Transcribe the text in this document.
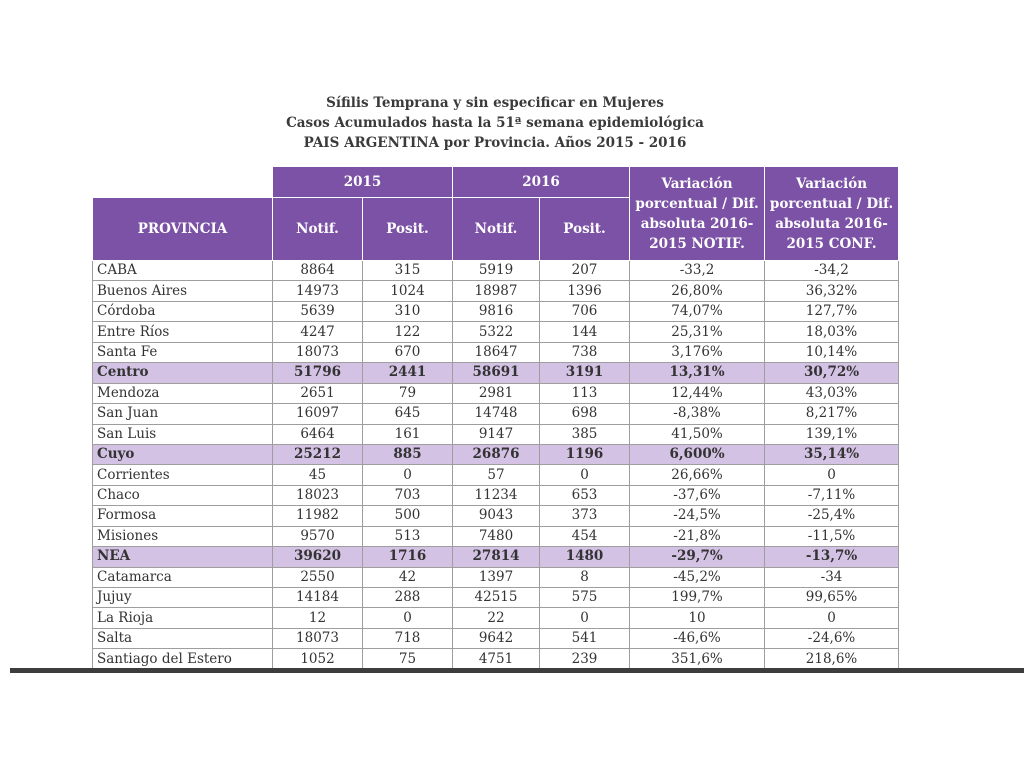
Sífilis Temprana y sin especificar en Mujeres
Casos Acumulados hasta la 51ª semana epidemiológica
PAIS ARGENTINA por Provincia. Años 2015 - 2016
	2015		2016		Variación porcentual / Dif. absoluta 2016-2015 NOTIF.	Variación porcentual / Dif. absoluta 2016-2015 CONF.
PROVINCIA	Notif.	Posit.	Notif.	Posit.		
CABA	8864	315	5919	207	-33,2	-34,2
Buenos Aires	14973	1024	18987	1396	26,80%	36,32%
Córdoba	5639	310	9816	706	74,07%	127,7%
Entre Ríos	4247	122	5322	144	25,31%	18,03%
Santa Fe	18073	670	18647	738	3,176%	10,14%
Centro	51796	2441	58691	3191	13,31%	30,72%
Mendoza	2651	79	2981	113	12,44%	43,03%
San Juan	16097	645	14748	698	-8,38%	8,217%
San Luis	6464	161	9147	385	41,50%	139,1%
Cuyo	25212	885	26876	1196	6,600%	35,14%
Corrientes	45	0	57	0	26,66%	0
Chaco	18023	703	11234	653	-37,6%	-7,11%
Formosa	11982	500	9043	373	-24,5%	-25,4%
Misiones	9570	513	7480	454	-21,8%	-11,5%
NEA	39620	1716	27814	1480	-29,7%	-13,7%
Catamarca	2550	42	1397	8	-45,2%	-34
Jujuy	14184	288	42515	575	199,7%	99,65%
La Rioja	12	0	22	0	10	0
Salta	18073	718	9642	541	-46,6%	-24,6%
Santiago del Estero	1052	75	4751	239	351,6%	218,6%
